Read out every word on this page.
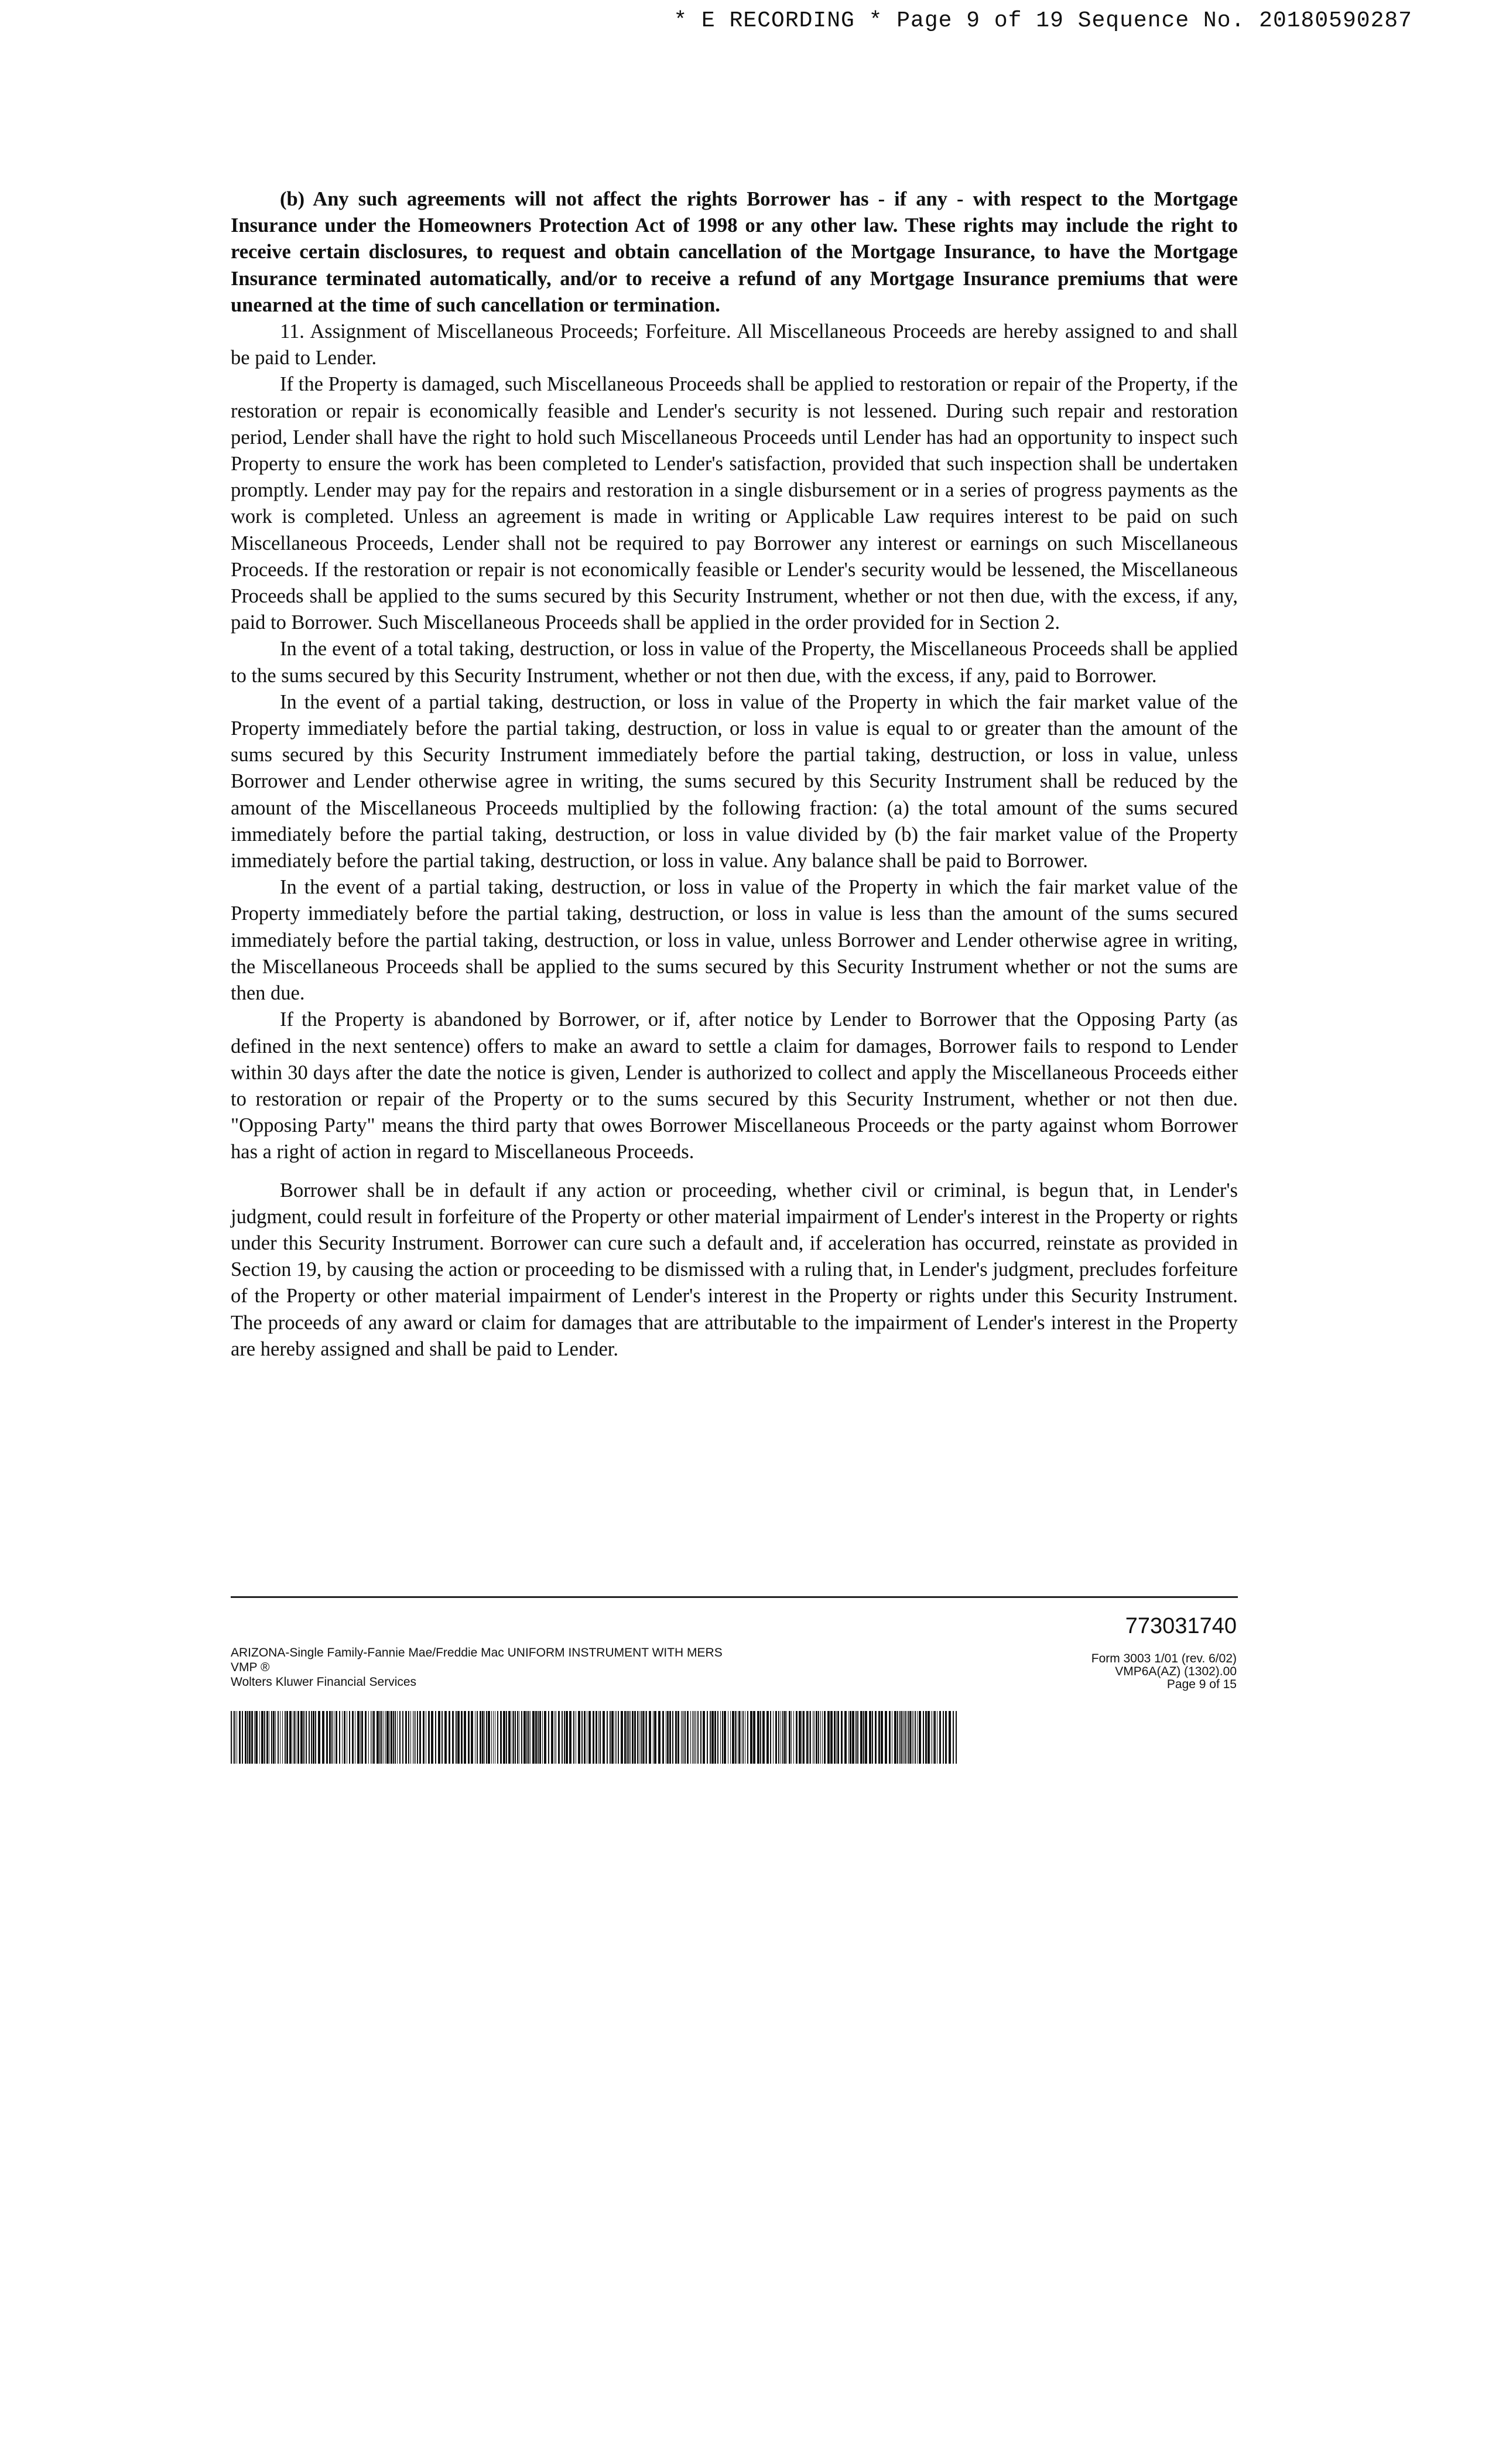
* E RECORDING * Page 9 of 19 Sequence No. 20180590287

(b) Any such agreements will not affect the rights Borrower has - if any - with respect to the Mortgage Insurance under the Homeowners Protection Act of 1998 or any other law. These rights may include the right to receive certain disclosures, to request and obtain cancellation of the Mortgage Insurance, to have the Mortgage Insurance terminated automatically, and/or to receive a refund of any Mortgage Insurance premiums that were unearned at the time of such cancellation or termination.

11. Assignment of Miscellaneous Proceeds; Forfeiture. All Miscellaneous Proceeds are hereby assigned to and shall be paid to Lender.

If the Property is damaged, such Miscellaneous Proceeds shall be applied to restoration or repair of the Property, if the restoration or repair is economically feasible and Lender's security is not lessened. During such repair and restoration period, Lender shall have the right to hold such Miscellaneous Proceeds until Lender has had an opportunity to inspect such Property to ensure the work has been completed to Lender's satisfaction, provided that such inspection shall be undertaken promptly. Lender may pay for the repairs and restoration in a single disbursement or in a series of progress payments as the work is completed. Unless an agreement is made in writing or Applicable Law requires interest to be paid on such Miscellaneous Proceeds, Lender shall not be required to pay Borrower any interest or earnings on such Miscellaneous Proceeds. If the restoration or repair is not economically feasible or Lender's security would be lessened, the Miscellaneous Proceeds shall be applied to the sums secured by this Security Instrument, whether or not then due, with the excess, if any, paid to Borrower. Such Miscellaneous Proceeds shall be applied in the order provided for in Section 2.

In the event of a total taking, destruction, or loss in value of the Property, the Miscellaneous Proceeds shall be applied to the sums secured by this Security Instrument, whether or not then due, with the excess, if any, paid to Borrower.

In the event of a partial taking, destruction, or loss in value of the Property in which the fair market value of the Property immediately before the partial taking, destruction, or loss in value is equal to or greater than the amount of the sums secured by this Security Instrument immediately before the partial taking, destruction, or loss in value, unless Borrower and Lender otherwise agree in writing, the sums secured by this Security Instrument shall be reduced by the amount of the Miscellaneous Proceeds multiplied by the following fraction: (a) the total amount of the sums secured immediately before the partial taking, destruction, or loss in value divided by (b) the fair market value of the Property immediately before the partial taking, destruction, or loss in value. Any balance shall be paid to Borrower.

In the event of a partial taking, destruction, or loss in value of the Property in which the fair market value of the Property immediately before the partial taking, destruction, or loss in value is less than the amount of the sums secured immediately before the partial taking, destruction, or loss in value, unless Borrower and Lender otherwise agree in writing, the Miscellaneous Proceeds shall be applied to the sums secured by this Security Instrument whether or not the sums are then due.

If the Property is abandoned by Borrower, or if, after notice by Lender to Borrower that the Opposing Party (as defined in the next sentence) offers to make an award to settle a claim for damages, Borrower fails to respond to Lender within 30 days after the date the notice is given, Lender is authorized to collect and apply the Miscellaneous Proceeds either to restoration or repair of the Property or to the sums secured by this Security Instrument, whether or not then due. "Opposing Party" means the third party that owes Borrower Miscellaneous Proceeds or the party against whom Borrower has a right of action in regard to Miscellaneous Proceeds.

Borrower shall be in default if any action or proceeding, whether civil or criminal, is begun that, in Lender's judgment, could result in forfeiture of the Property or other material impairment of Lender's interest in the Property or rights under this Security Instrument. Borrower can cure such a default and, if acceleration has occurred, reinstate as provided in Section 19, by causing the action or proceeding to be dismissed with a ruling that, in Lender's judgment, precludes forfeiture of the Property or other material impairment of Lender's interest in the Property or rights under this Security Instrument. The proceeds of any award or claim for damages that are attributable to the impairment of Lender's interest in the Property are hereby assigned and shall be paid to Lender.

773031740
ARIZONA-Single Family-Fannie Mae/Freddie Mac UNIFORM INSTRUMENT WITH MERS
VMP ®
Wolters Kluwer Financial Services
Form 3003 1/01 (rev. 6/02)
VMP6A(AZ) (1302).00
Page 9 of 15
